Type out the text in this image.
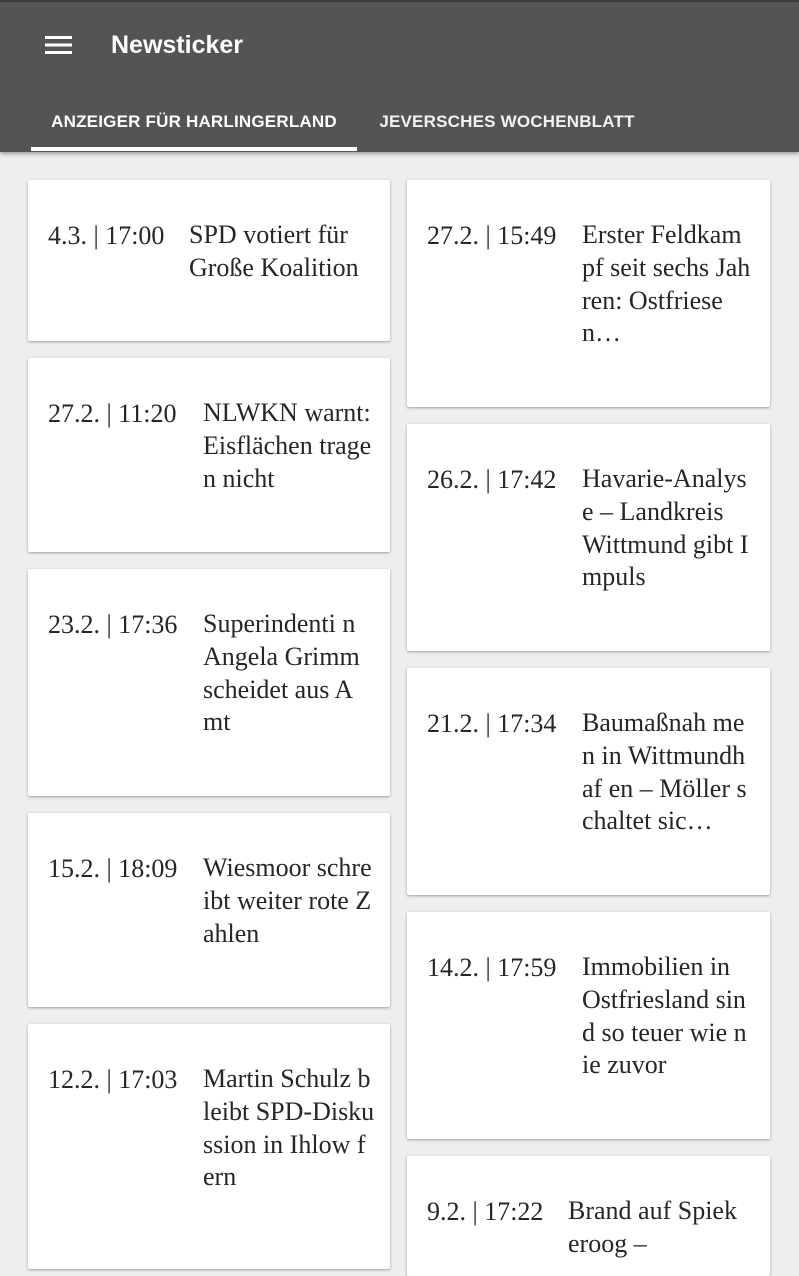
Newsticker
ANZEIGER FÜR HARLINGERLAND JEVERSCHES WOCHENBLATT
4.3. | 17:00 SPD votiert für Große Koalition
27.2. | 11:20 NLWKN warnt: Eisflächen tragen nicht
23.2. | 17:36 Superindenti n Angela Grimm scheidet aus Amt
15.2. | 18:09 Wiesmoor schreibt weiter rote Zahlen
12.2. | 17:03 Martin Schulz bleibt SPD-Diskussion in Ihlow fern
27.2. | 15:49 Erster Feldkampf seit sechs Jahren: Ostfriesen…
26.2. | 17:42 Havarie-Analyse – Landkreis Wittmund gibt Impuls
21.2. | 17:34 Baumaßnah men in Wittmundhaf en – Möller schaltet sic…
14.2. | 17:59 Immobilien in Ostfriesland sind so teuer wie nie zuvor
9.2. | 17:22 Brand auf Spiekeroog –
